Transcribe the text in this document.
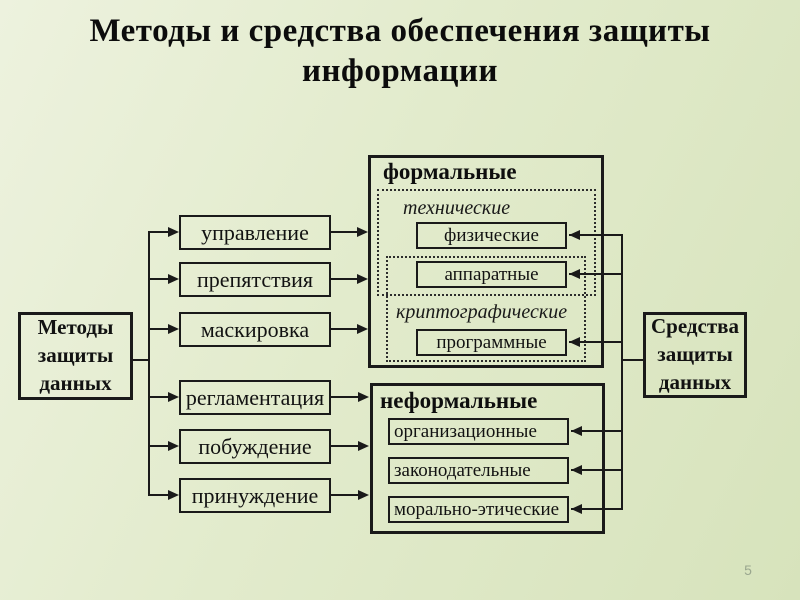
Методы и средства обеспечения защиты
информации
Методы защиты данных
Средства защиты данных
управление
препятствия
маскировка
регламентация
побуждение
принуждение
формальные
технические
криптографические
физические
аппаратные
программные
неформальные
организационные
законодательные
морально-этические
5
